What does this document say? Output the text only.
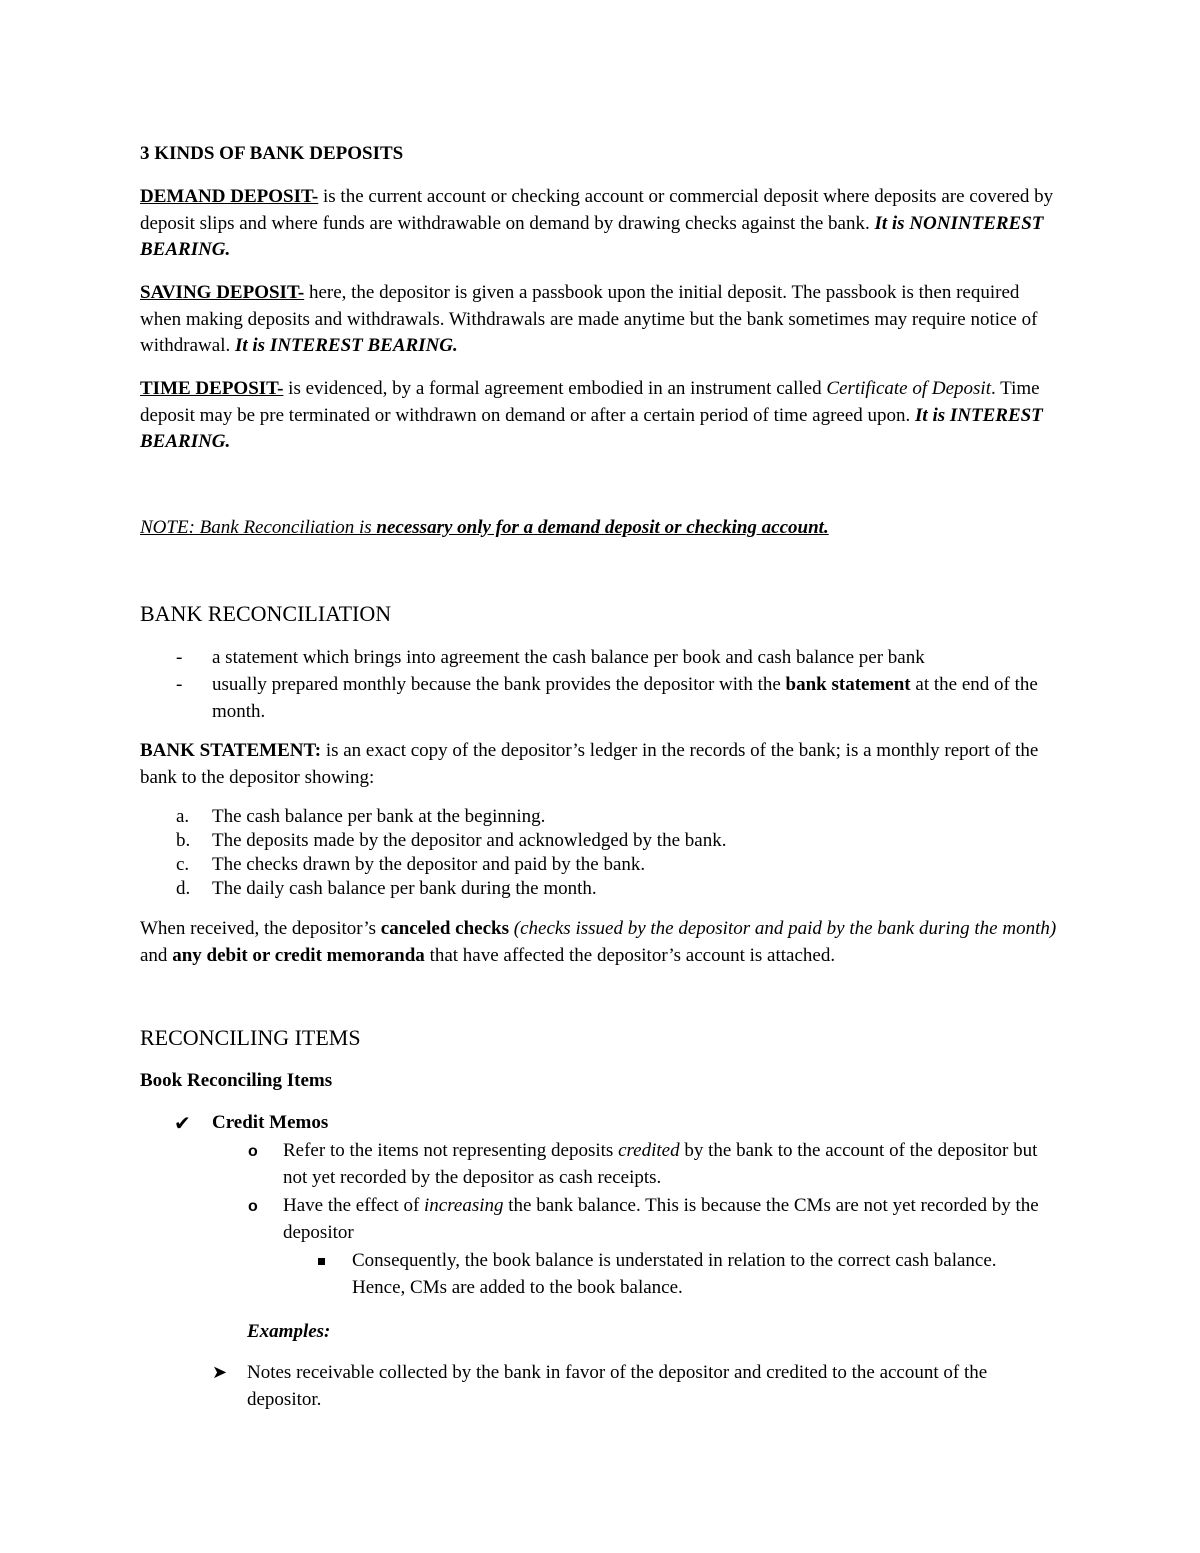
3 KINDS OF BANK DEPOSITS
DEMAND DEPOSIT- is the current account or checking account or commercial deposit where deposits are covered by deposit slips and where funds are withdrawable on demand by drawing checks against the bank. It is NONINTEREST BEARING.
SAVING DEPOSIT- here, the depositor is given a passbook upon the initial deposit. The passbook is then required when making deposits and withdrawals. Withdrawals are made anytime but the bank sometimes may require notice of withdrawal. It is INTEREST BEARING.
TIME DEPOSIT- is evidenced, by a formal agreement embodied in an instrument called Certificate of Deposit. Time deposit may be pre terminated or withdrawn on demand or after a certain period of time agreed upon. It is INTEREST BEARING.
NOTE: Bank Reconciliation is necessary only for a demand deposit or checking account.
BANK RECONCILIATION
- a statement which brings into agreement the cash balance per book and cash balance per bank
- usually prepared monthly because the bank provides the depositor with the bank statement at the end of the month.
BANK STATEMENT: is an exact copy of the depositor’s ledger in the records of the bank; is a monthly report of the bank to the depositor showing:
a. The cash balance per bank at the beginning.
b. The deposits made by the depositor and acknowledged by the bank.
c. The checks drawn by the depositor and paid by the bank.
d. The daily cash balance per bank during the month.
When received, the depositor’s canceled checks (checks issued by the depositor and paid by the bank during the month) and any debit or credit memoranda that have affected the depositor’s account is attached.
RECONCILING ITEMS
Book Reconciling Items
✔ Credit Memos
o Refer to the items not representing deposits credited by the bank to the account of the depositor but not yet recorded by the depositor as cash receipts.
o Have the effect of increasing the bank balance. This is because the CMs are not yet recorded by the depositor
Consequently, the book balance is understated in relation to the correct cash balance. Hence, CMs are added to the book balance.
Examples:
➤ Notes receivable collected by the bank in favor of the depositor and credited to the account of the depositor.
